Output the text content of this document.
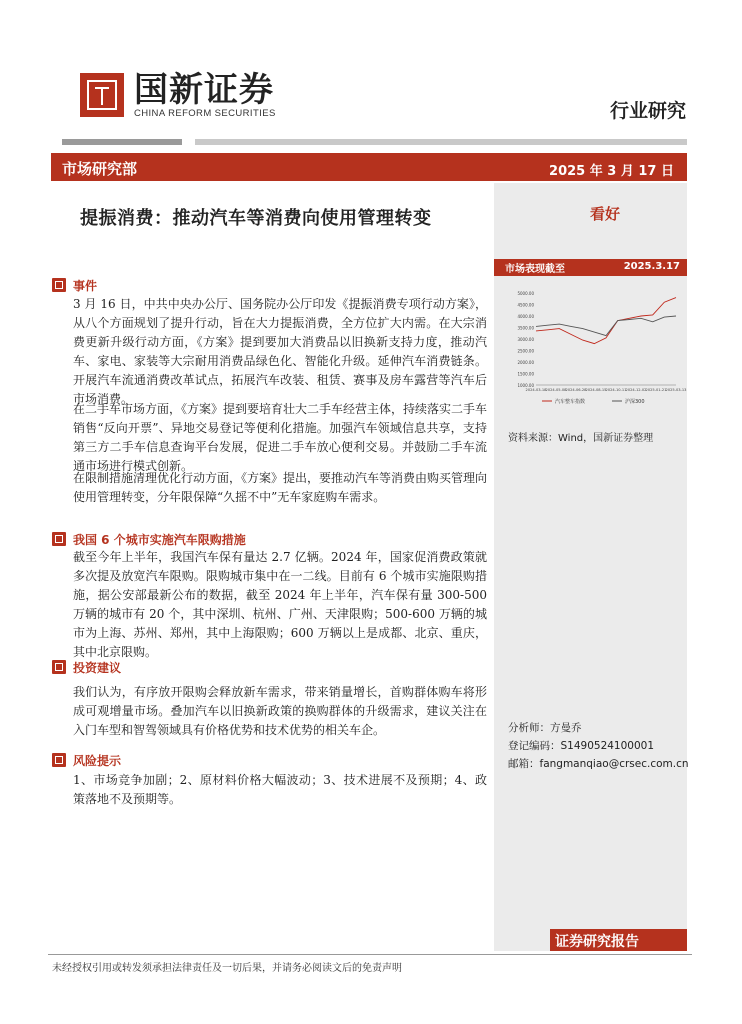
国新证券
CHINA REFORM SECURITIES	行业研究
市场研究部	2025 年 3 月 17 日
提振消费：推动汽车等消费向使用管理转变	看好
市场表现截至	2025.3.17
5000.00
4500.00
4000.00
3500.00
3000.00
2500.00
2000.00
1500.00
1000.00
2024-03-18 2024-05-08 2024-06-28 2024-08-15 2024-10-11 2024-12-02 2025-01-21 2025-03-13
汽车整车指数	沪深300
资料来源：Wind，国新证券整理
分析师：方曼乔
登记编码：S1490524100001
邮箱：fangmanqiao@crsec.com.cn
证券研究报告
事件
3 月 16 日，中共中央办公厅、国务院办公厅印发《提振消费专项行动方案》，从八个方面规划了提升行动，旨在大力提振消费，全方位扩大内需。在大宗消费更新升级行动方面，《方案》提到要加大消费品以旧换新支持力度，推动汽车、家电、家装等大宗耐用消费品绿色化、智能化升级。延伸汽车消费链条。开展汽车流通消费改革试点，拓展汽车改装、租赁、赛事及房车露营等汽车后市场消费。
在二手车市场方面，《方案》提到要培育壮大二手车经营主体，持续落实二手车销售“反向开票”、异地交易登记等便利化措施。加强汽车领域信息共享，支持第三方二手车信息查询平台发展，促进二手车放心便利交易。并鼓励二手车流通市场进行模式创新。
在限制措施清理优化行动方面，《方案》提出，要推动汽车等消费由购买管理向使用管理转变，分年限保障“久摇不中”无车家庭购车需求。
我国 6 个城市实施汽车限购措施
截至今年上半年，我国汽车保有量达 2.7 亿辆。2024 年，国家促消费政策就多次提及放宽汽车限购。限购城市集中在一二线。目前有 6 个城市实施限购措施，据公安部最新公布的数据，截至 2024 年上半年，汽车保有量 300-500 万辆的城市有 20 个，其中深圳、杭州、广州、天津限购；500-600 万辆的城市为上海、苏州、郑州，其中上海限购；600 万辆以上是成都、北京、重庆，其中北京限购。
投资建议
我们认为，有序放开限购会释放新车需求，带来销量增长，首购群体购车将形成可观增量市场。叠加汽车以旧换新政策的换购群体的升级需求，建议关注在入门车型和智驾领域具有价格优势和技术优势的相关车企。
风险提示
1、市场竞争加剧；2、原材料价格大幅波动；3、技术进展不及预期；4、政策落地不及预期等。
未经授权引用或转发须承担法律责任及一切后果，并请务必阅读文后的免责声明
